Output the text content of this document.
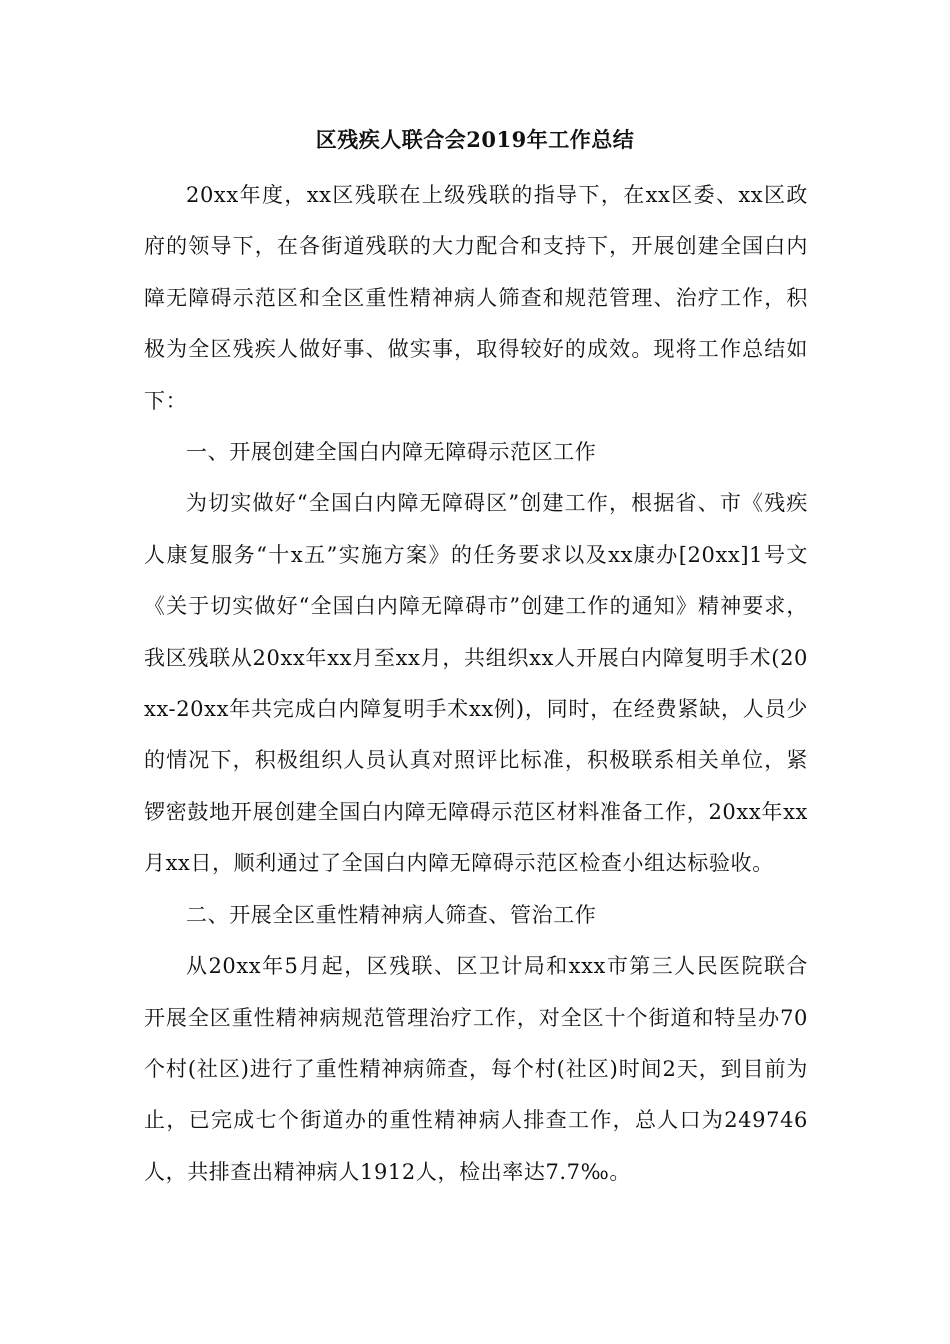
区残疾人联合会2019年工作总结

20xx年度，xx区残联在上级残联的指导下，在xx区委、xx区政府的领导下，在各街道残联的大力配合和支持下，开展创建全国白内障无障碍示范区和全区重性精神病人筛查和规范管理、治疗工作，积极为全区残疾人做好事、做实事，取得较好的成效。现将工作总结如下：

一、开展创建全国白内障无障碍示范区工作

为切实做好“全国白内障无障碍区”创建工作，根据省、市《残疾人康复服务“十x五”实施方案》的任务要求以及xx康办[20xx]1号文《关于切实做好“全国白内障无障碍市”创建工作的通知》精神要求，我区残联从20xx年xx月至xx月，共组织xx人开展白内障复明手术(20xx-20xx年共完成白内障复明手术xx例)，同时，在经费紧缺，人员少的情况下，积极组织人员认真对照评比标准，积极联系相关单位，紧锣密鼓地开展创建全国白内障无障碍示范区材料准备工作，20xx年xx月xx日，顺利通过了全国白内障无障碍示范区检查小组达标验收。

二、开展全区重性精神病人筛查、管治工作

从20xx年5月起，区残联、区卫计局和xxx市第三人民医院联合开展全区重性精神病规范管理治疗工作，对全区十个街道和特呈办70个村(社区)进行了重性精神病筛查，每个村(社区)时间2天，到目前为止，已完成七个街道办的重性精神病人排查工作，总人口为249746人，共排查出精神病人1912人，检出率达7.7‰。
